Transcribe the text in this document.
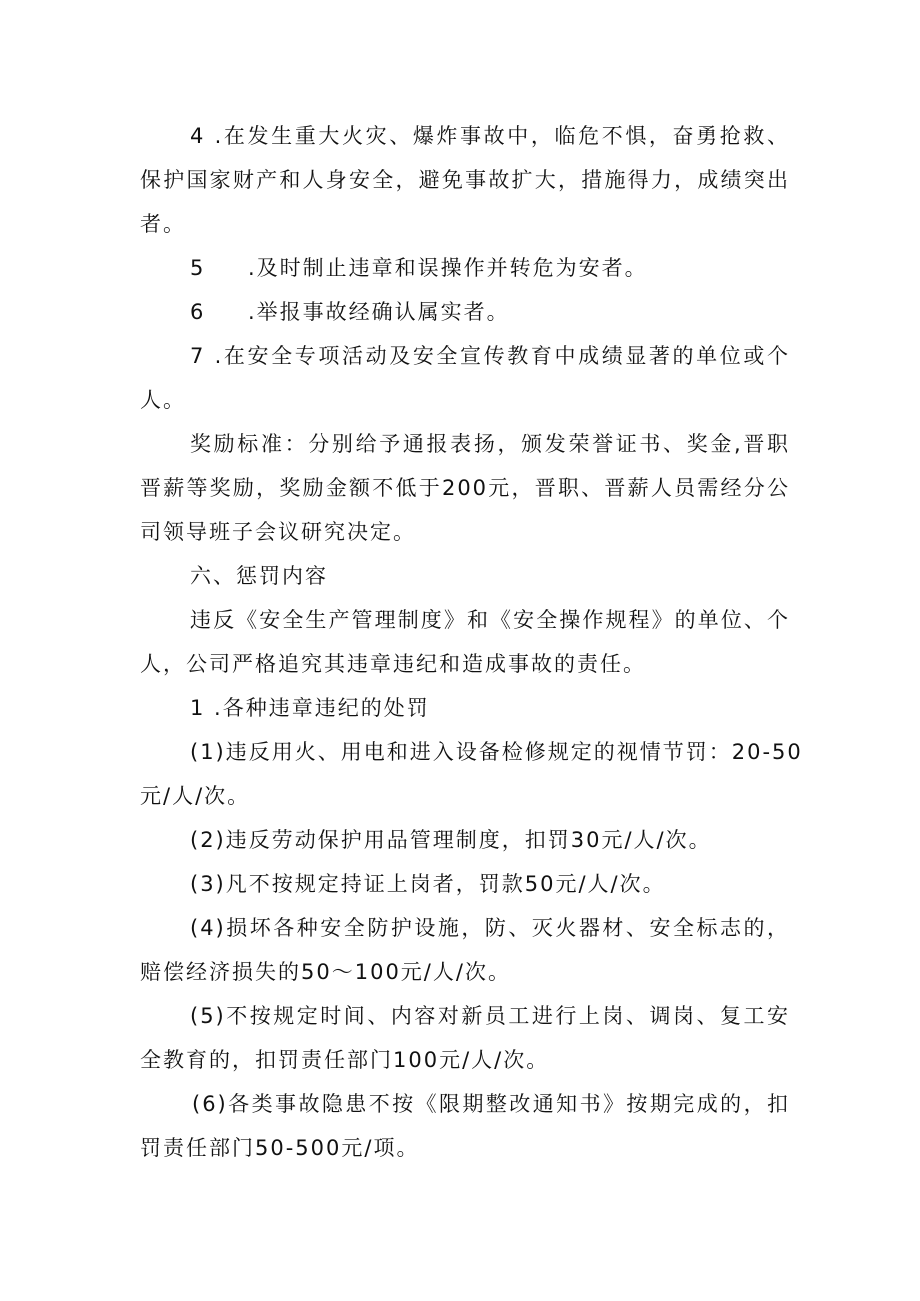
4 .在发生重大火灾、爆炸事故中，临危不惧，奋勇抢救、
保护国家财产和人身安全，避免事故扩大，措施得力，成绩突出
者。
5 .及时制止违章和误操作并转危为安者。
6 .举报事故经确认属实者。
7 .在安全专项活动及安全宣传教育中成绩显著的单位或个
人。
奖励标准：分别给予通报表扬，颁发荣誉证书、奖金,晋职
晋薪等奖励，奖励金额不低于200元，晋职、晋薪人员需经分公
司领导班子会议研究决定。
六、惩罚内容
违反《安全生产管理制度》和《安全操作规程》的单位、个
人，公司严格追究其违章违纪和造成事故的责任。
1 .各种违章违纪的处罚
(1)违反用火、用电和进入设备检修规定的视情节罚：20-50
元/人/次。
(2)违反劳动保护用品管理制度，扣罚30元/人/次。
(3)凡不按规定持证上岗者，罚款50元/人/次。
(4)损坏各种安全防护设施，防、灭火器材、安全标志的，
赔偿经济损失的50〜100元/人/次。
(5)不按规定时间、内容对新员工进行上岗、调岗、复工安
全教育的，扣罚责任部门100元/人/次。
(6)各类事故隐患不按《限期整改通知书》按期完成的，扣
罚责任部门50-500元/项。
